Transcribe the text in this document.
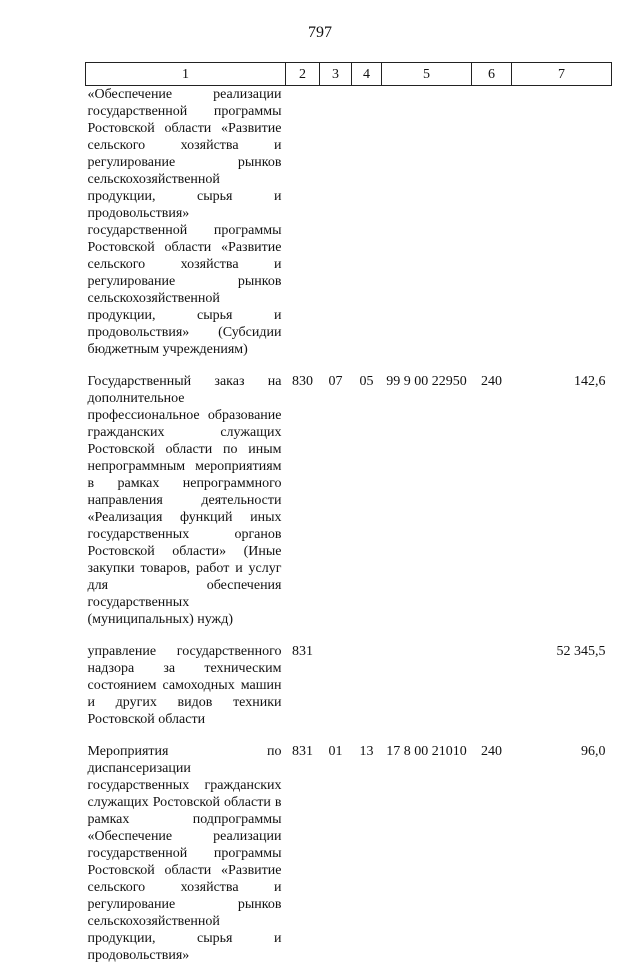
797
1	2	3	4	5	6	7
«Обеспечение реализации государственной программы Ростовской области «Развитие сельского хозяйства и регулирование рынков сельскохозяйственной продукции, сырья и продовольствия» государственной программы Ростовской области «Развитие сельского хозяйства и регулирование рынков сельскохозяйственной продукции, сырья и продовольствия» (Субсидии бюджетным учреждениям)						
Государственный заказ на дополнительное профессиональное образование гражданских служащих Ростовской области по иным непрограммным мероприятиям в рамках непрограммного направления деятельности «Реализация функций иных государственных органов Ростовской области» (Иные закупки товаров, работ и услуг для обеспечения государственных (муниципальных) нужд)	830	07	05	99 9 00 22950	240	142,6
управление государственного надзора за техническим состоянием самоходных машин и других видов техники Ростовской области	831					52 345,5
Мероприятия по диспансеризации государственных гражданских служащих Ростовской области в рамках подпрограммы «Обеспечение реализации государственной программы Ростовской области «Развитие сельского хозяйства и регулирование рынков сельскохозяйственной продукции, сырья и продовольствия»	831	01	13	17 8 00 21010	240	96,0
